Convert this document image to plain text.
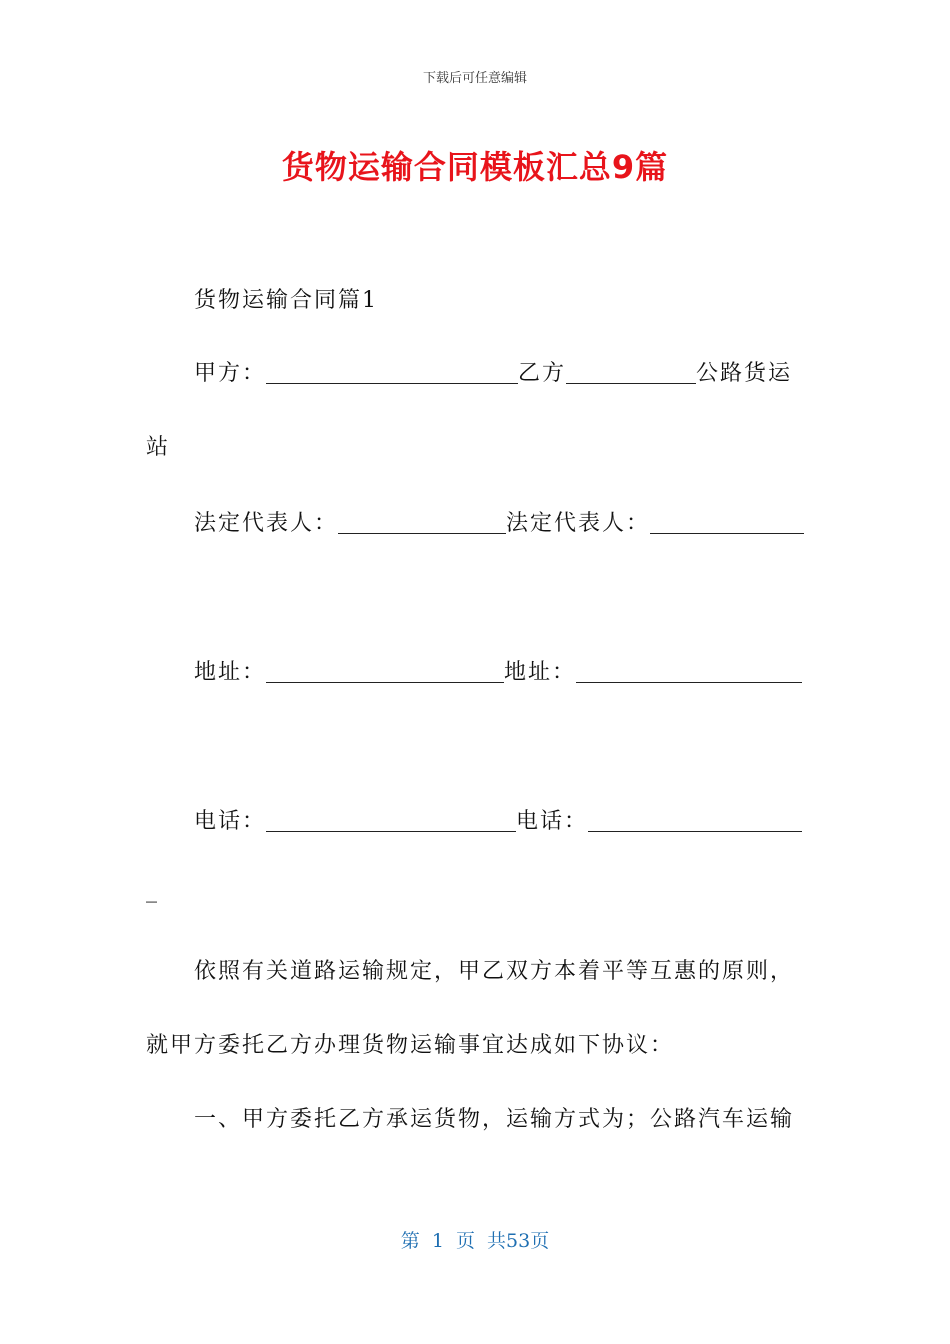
下载后可任意编辑
货物运输合同模板汇总9篇
货物运输合同篇1
甲方：	乙方	公路货运
站
法定代表人：	法定代表人：
地址：	地址：
电话：	电话：
_
依照有关道路运输规定，甲乙双方本着平等互惠的原则，
就甲方委托乙方办理货物运输事宜达成如下协议：
一、甲方委托乙方承运货物，运输方式为；公路汽车运输
第 1 页 共53页
